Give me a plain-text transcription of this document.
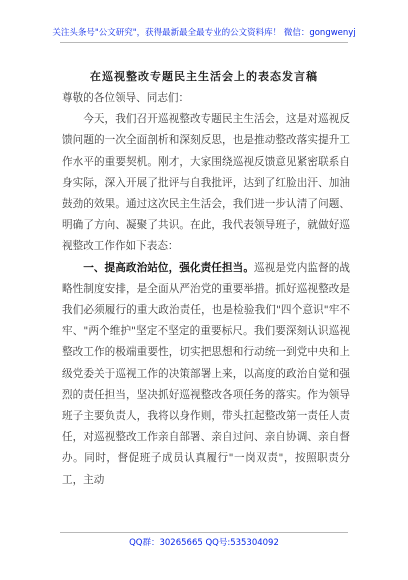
关注头条号"公文研究"，获得最新最全最专业的公文资料库！ 微信：gongwenyj
在巡视整改专题民主生活会上的表态发言稿

尊敬的各位领导、同志们：

今天，我们召开巡视整改专题民主生活会，这是对巡视反馈问题的一次全面剖析和深刻反思，也是推动整改落实提升工作水平的重要契机。刚才，大家围绕巡视反馈意见紧密联系自身实际，深入开展了批评与自我批评，达到了红脸出汗、加油鼓劲的效果。通过这次民主生活会，我们进一步认清了问题、明确了方向、凝聚了共识。在此，我代表领导班子，就做好巡视整改工作作如下表态：

一、提高政治站位，强化责任担当。巡视是党内监督的战略性制度安排，是全面从严治党的重要举措。抓好巡视整改是我们必须履行的重大政治责任，也是检验我们"四个意识"牢不牢、"两个维护"坚定不坚定的重要标尺。我们要深刻认识巡视整改工作的极端重要性，切实把思想和行动统一到党中央和上级党委关于巡视工作的决策部署上来，以高度的政治自觉和强烈的责任担当，坚决抓好巡视整改各项任务的落实。作为领导班子主要负责人，我将以身作则，带头扛起整改第一责任人责任，对巡视整改工作亲自部署、亲自过问、亲自协调、亲自督办。同时，督促班子成员认真履行"一岗双责"，按照职责分工，主动

QQ群：30265665 QQ号:535304092
